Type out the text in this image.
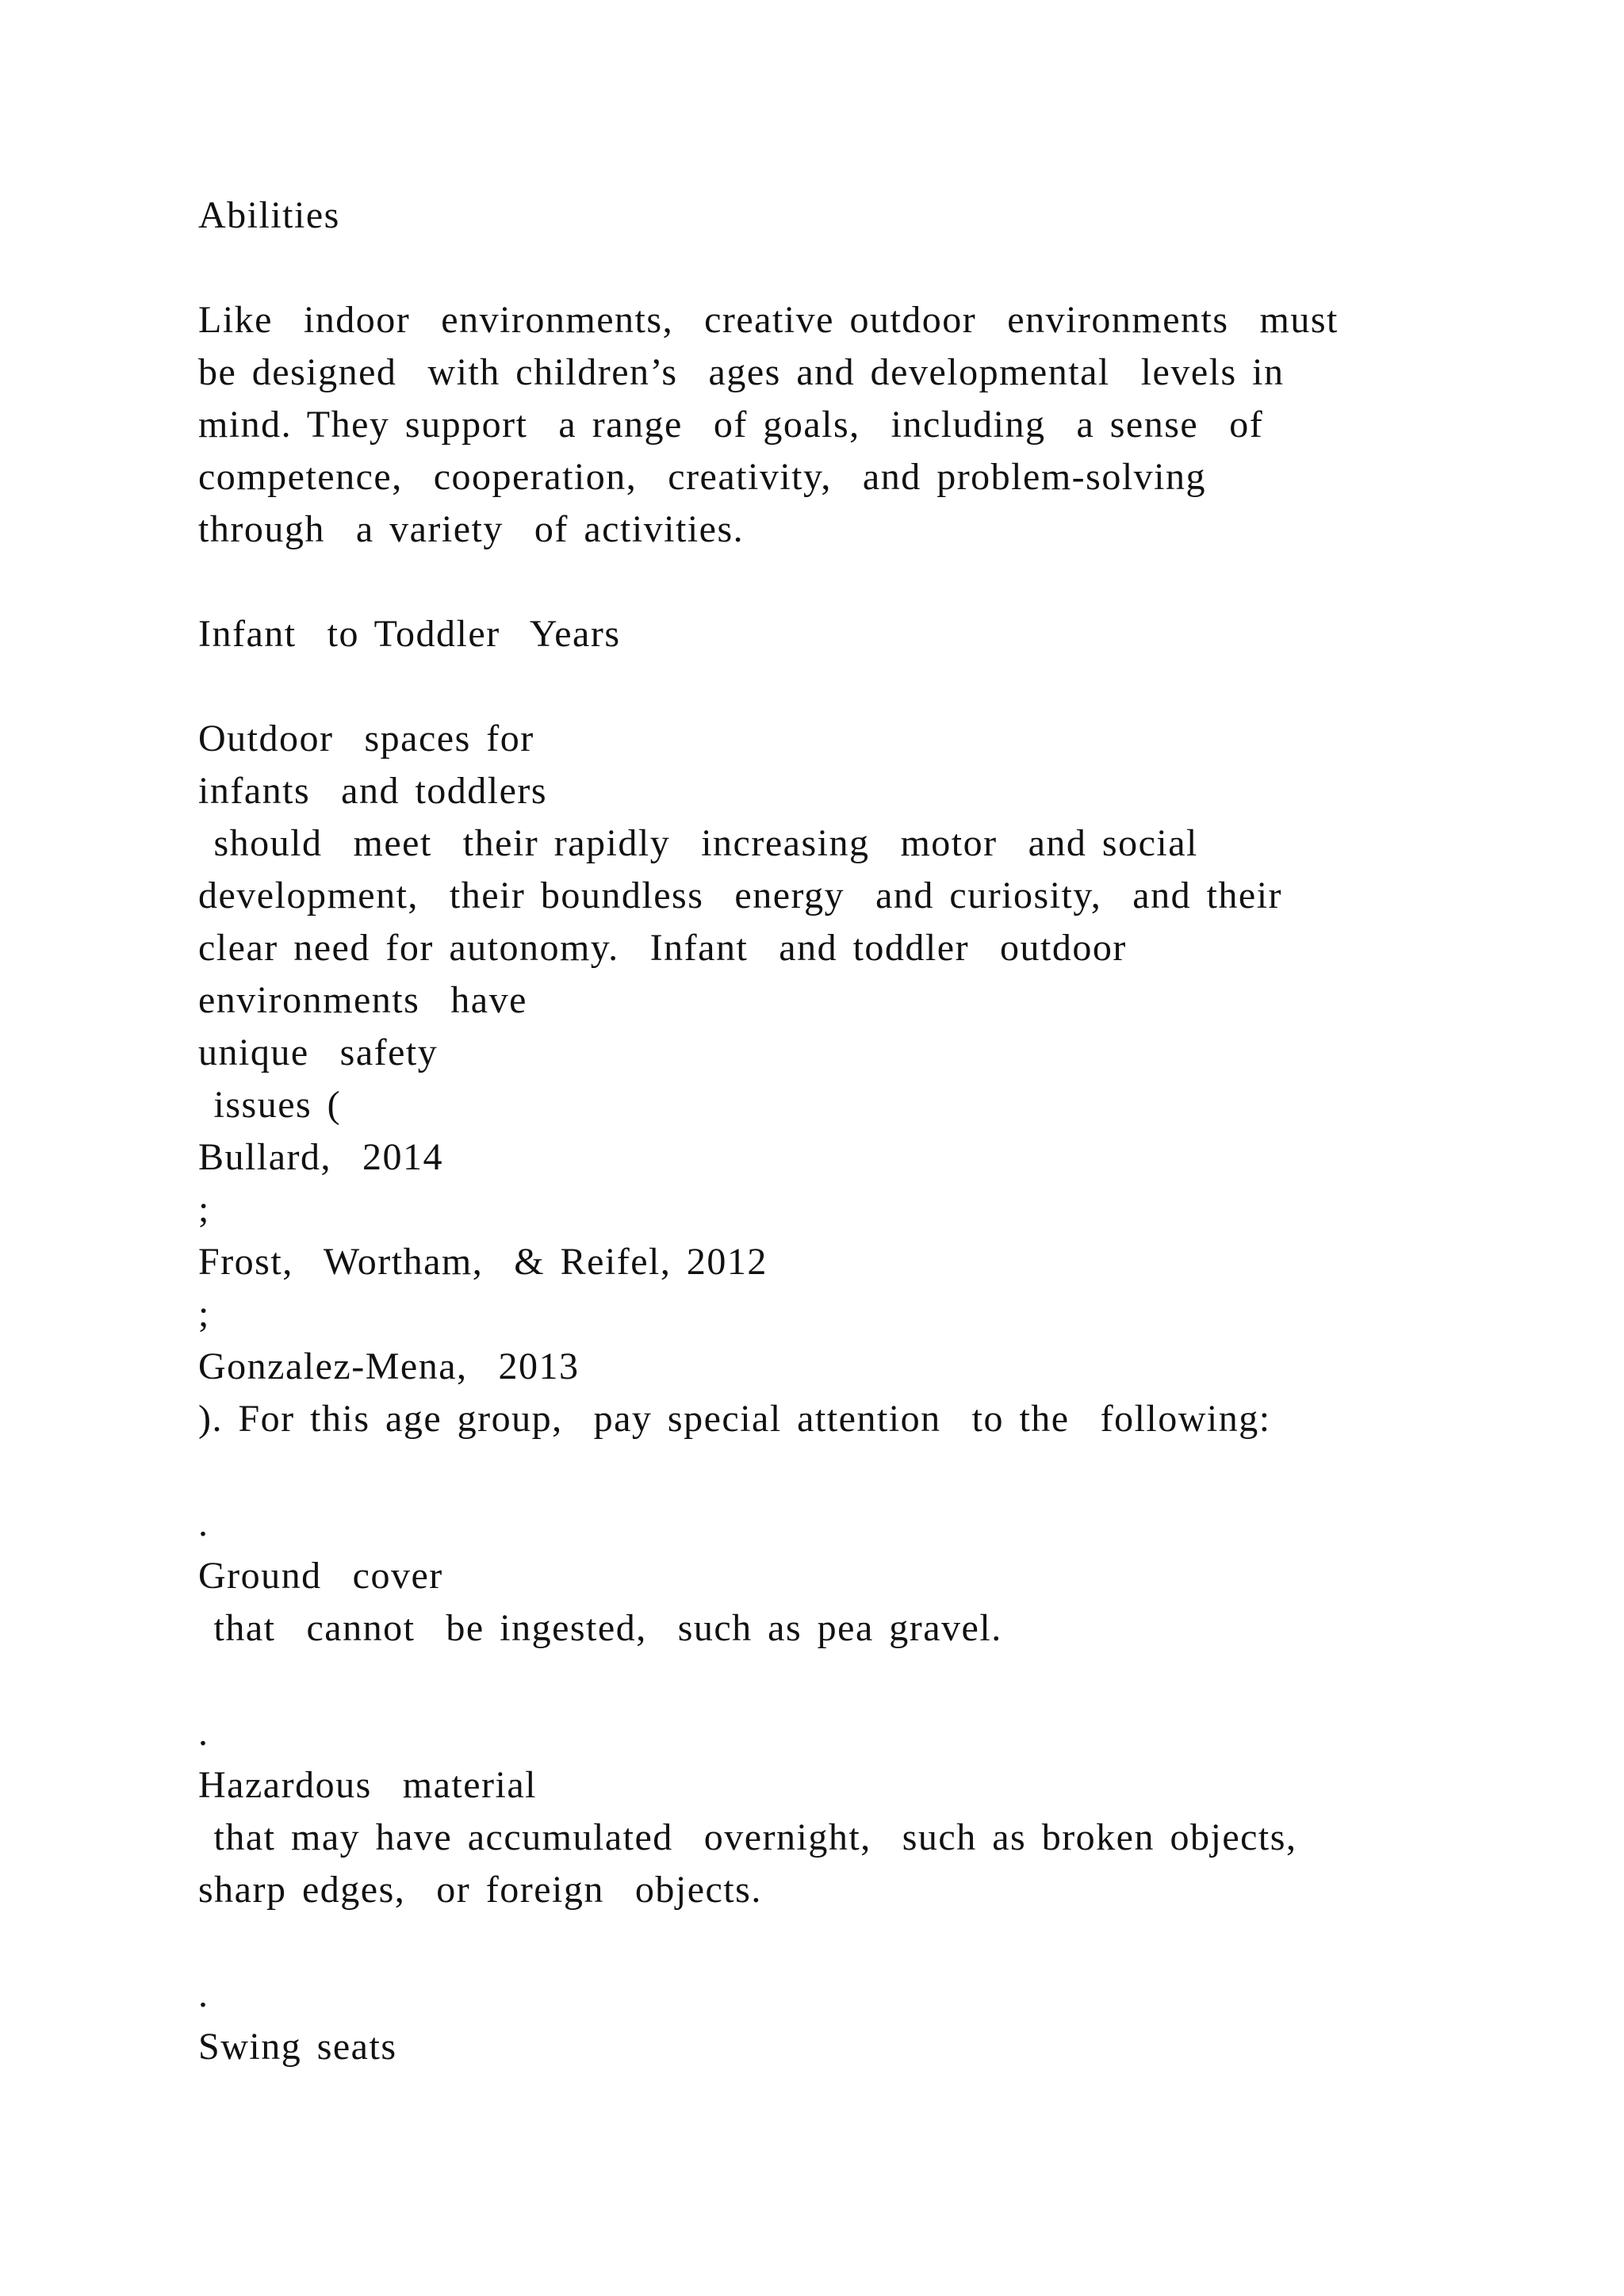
Abilities
Like  indoor  environments,  creative outdoor  environments  must
be designed  with children’s  ages and developmental  levels in
mind. They support  a range  of goals,  including  a sense  of
competence,  cooperation,  creativity,  and problem-solving
through  a variety  of activities.
Infant  to Toddler  Years
Outdoor  spaces for
infants  and toddlers
should  meet  their rapidly  increasing  motor  and social
development,  their boundless  energy  and curiosity,  and their
clear need for autonomy.  Infant  and toddler  outdoor
environments  have
unique  safety
issues (
Bullard,  2014
;
Frost,  Wortham,  & Reifel, 2012
;
Gonzalez-Mena,  2013
). For this age group,  pay special attention  to the  following:
.
Ground  cover
that  cannot  be ingested,  such as pea gravel.
.
Hazardous  material
that may have accumulated  overnight,  such as broken objects,
sharp edges,  or foreign  objects.
.
Swing seats
